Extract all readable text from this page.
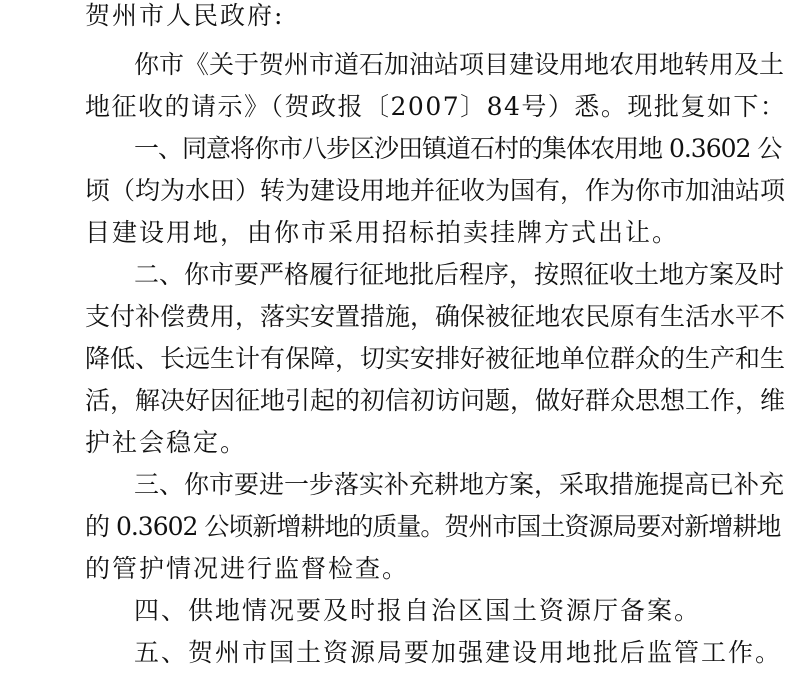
贺州市人民政府:
你市《关于贺州市道石加油站项目建设用地农用地转用及土
地征收的请示》（贺政报〔2007〕84号）悉。现批复如下：
一、同意将你市八步区沙田镇道石村的集体农用地 0.3602 公
顷（均为水田）转为建设用地并征收为国有，作为你市加油站项
目建设用地，由你市采用招标拍卖挂牌方式出让。
二、你市要严格履行征地批后程序，按照征收土地方案及时
支付补偿费用，落实安置措施，确保被征地农民原有生活水平不
降低、长远生计有保障，切实安排好被征地单位群众的生产和生
活，解决好因征地引起的初信初访问题，做好群众思想工作，维
护社会稳定。
三、你市要进一步落实补充耕地方案，采取措施提高已补充
的 0.3602 公顷新增耕地的质量。贺州市国土资源局要对新增耕地
的管护情况进行监督检查。
四、供地情况要及时报自治区国土资源厅备案。
五、贺州市国土资源局要加强建设用地批后监管工作。
